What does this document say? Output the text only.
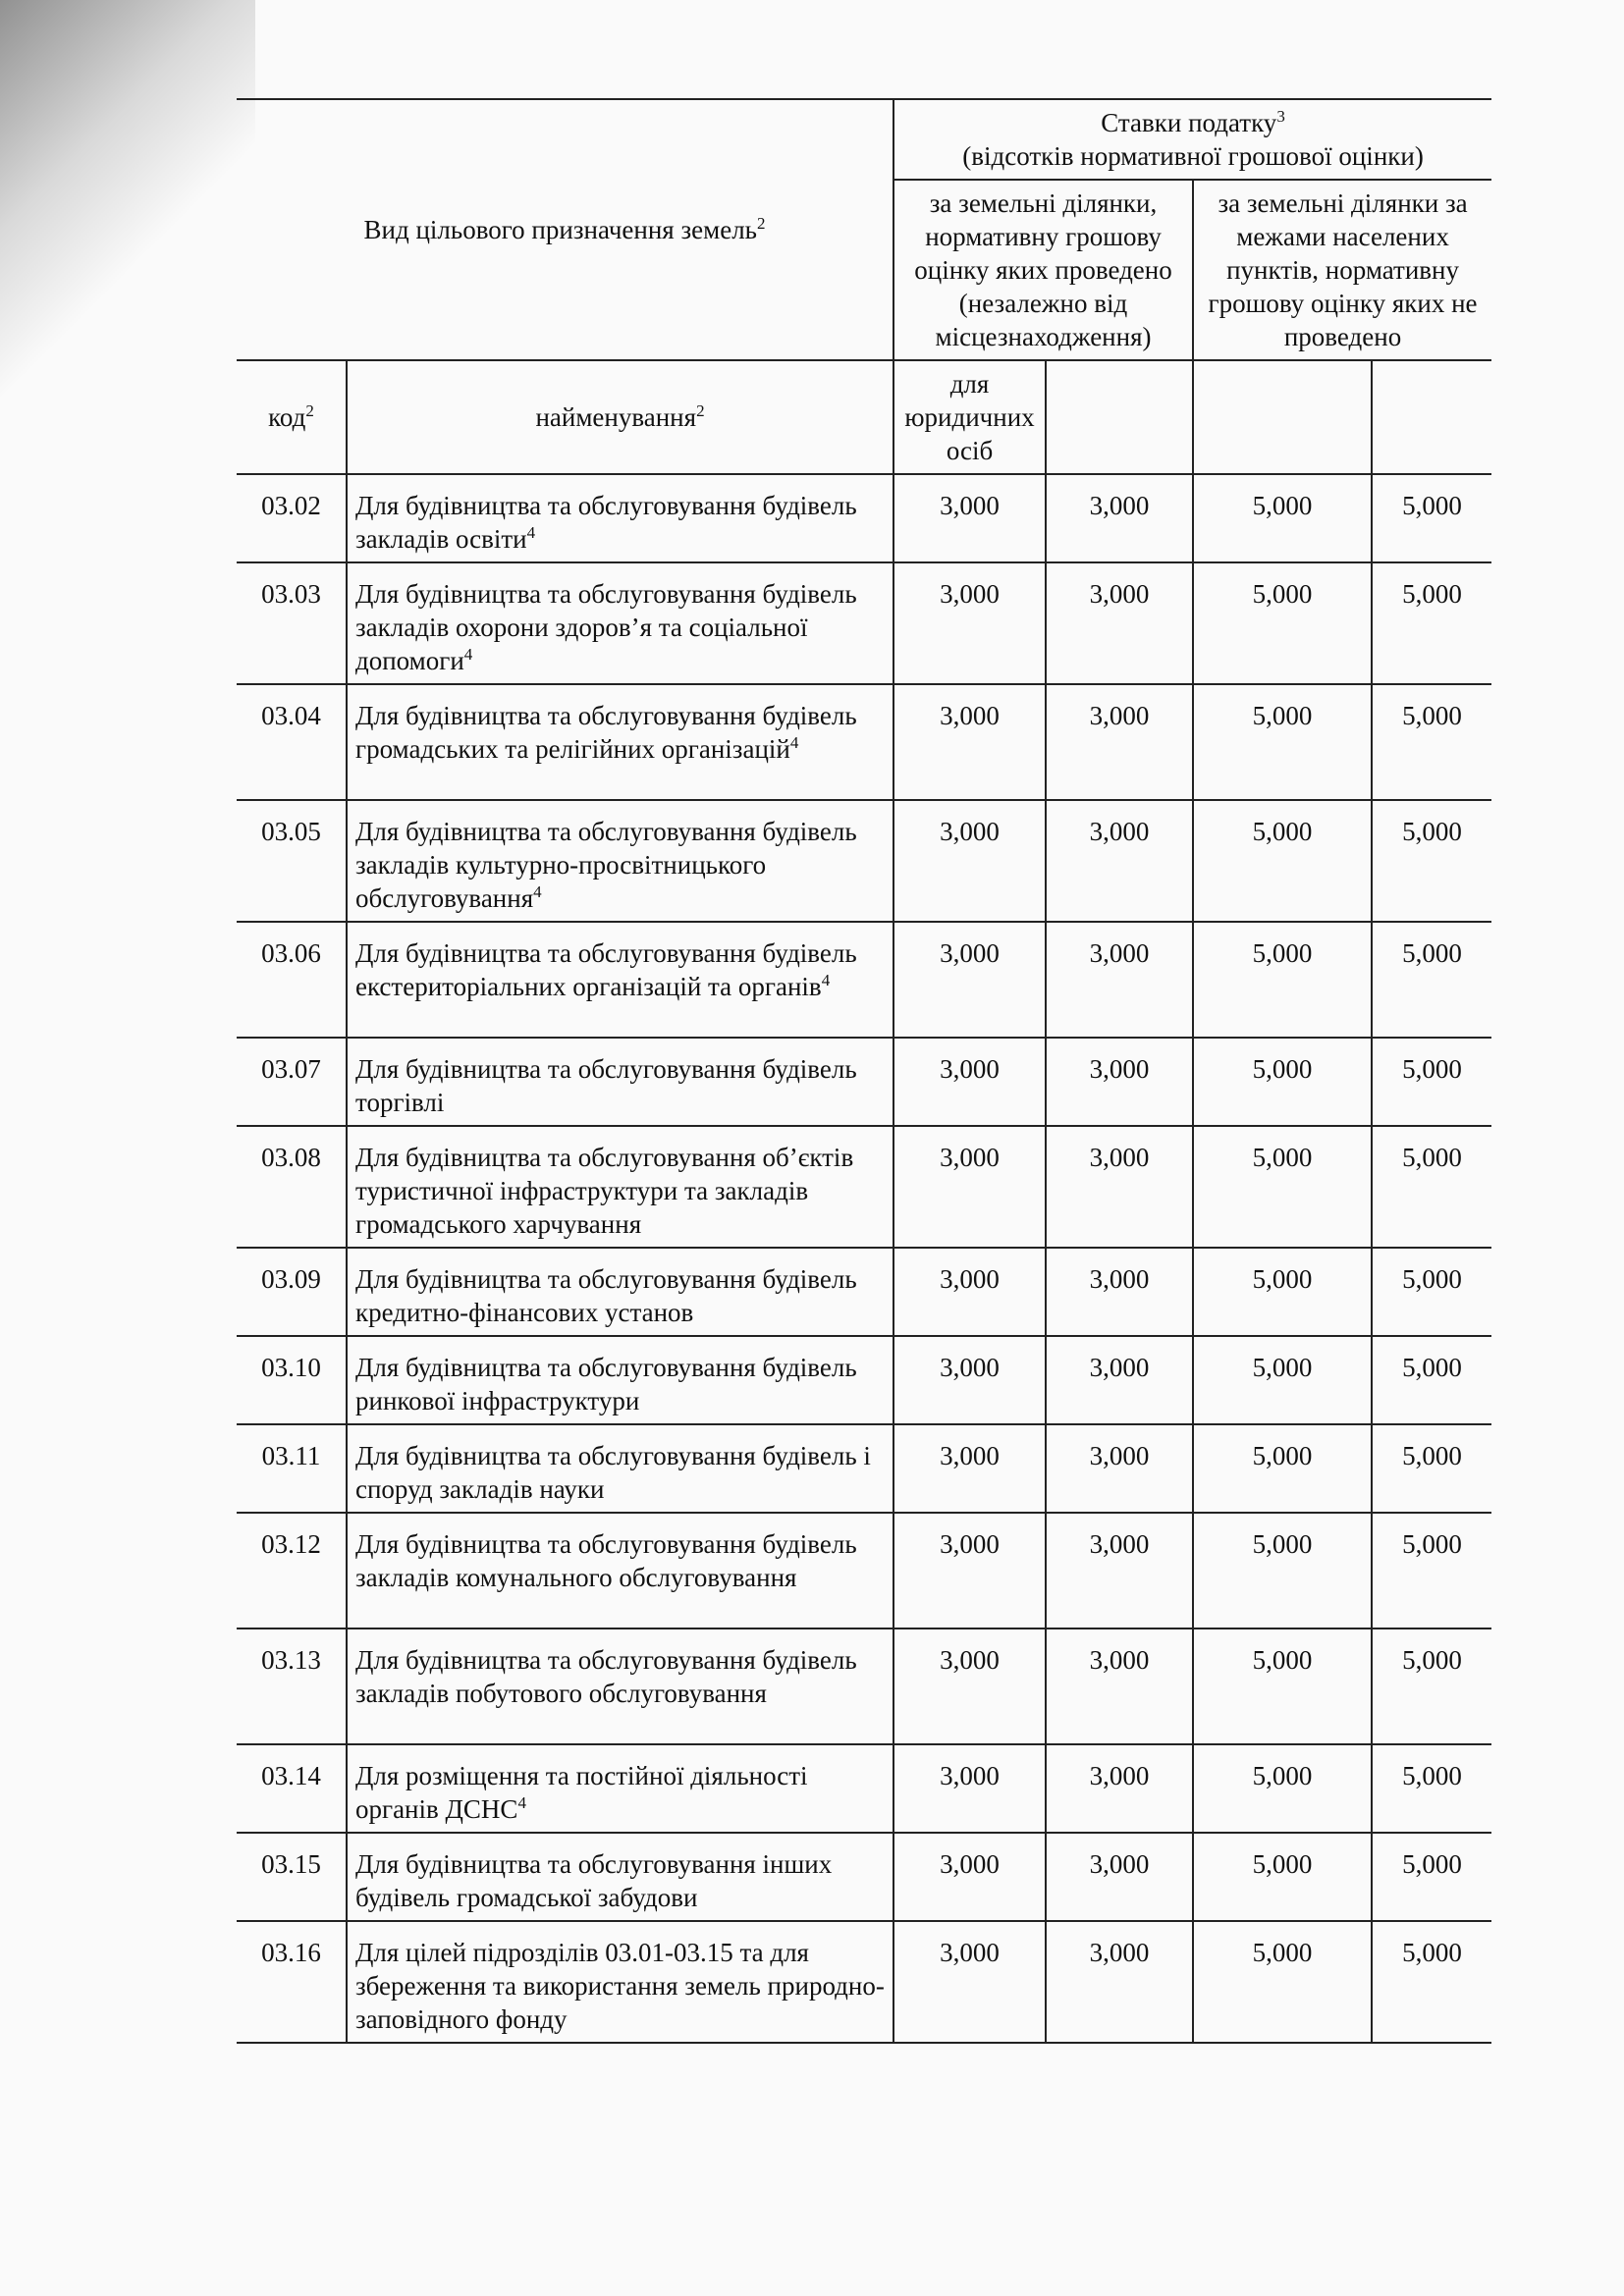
Вид цільового призначення земель$^2$		Ставки податку$^3$
(відсотків нормативної грошової оцінки)			
		за земельні ділянки, нормативну грошову оцінку яких проведено (незалежно від місцезнаходження)		за земельні ділянки за межами населених пунктів, нормативну грошову оцінку яких не проведено	
код$^2$	найменування$^2$	для юридичних осіб			
03.02	Для будівництва та обслуговування будівель закладів освіти$^4$	3,000	3,000	5,000	5,000
03.03	Для будівництва та обслуговування будівель закладів охорони здоров’я та соціальної допомоги$^4$	3,000	3,000	5,000	5,000
03.04	Для будівництва та обслуговування будівель громадських та релігійних організацій$^4$	3,000	3,000	5,000	5,000
03.05	Для будівництва та обслуговування будівель закладів культурно-просвітницького обслуговування$^4$	3,000	3,000	5,000	5,000
03.06	Для будівництва та обслуговування будівель екстериторіальних організацій та органів$^4$	3,000	3,000	5,000	5,000
03.07	Для будівництва та обслуговування будівель торгівлі	3,000	3,000	5,000	5,000
03.08	Для будівництва та обслуговування об’єктів туристичної інфраструктури та закладів громадського харчування	3,000	3,000	5,000	5,000
03.09	Для будівництва та обслуговування будівель кредитно-фінансових установ	3,000	3,000	5,000	5,000
03.10	Для будівництва та обслуговування будівель ринкової інфраструктури	3,000	3,000	5,000	5,000
03.11	Для будівництва та обслуговування будівель і споруд закладів науки	3,000	3,000	5,000	5,000
03.12	Для будівництва та обслуговування будівель закладів комунального обслуговування	3,000	3,000	5,000	5,000
03.13	Для будівництва та обслуговування будівель закладів побутового обслуговування	3,000	3,000	5,000	5,000
03.14	Для розміщення та постійної діяльності органів ДСНС$^4$	3,000	3,000	5,000	5,000
03.15	Для будівництва та обслуговування інших будівель громадської забудови	3,000	3,000	5,000	5,000
03.16	Для цілей підрозділів 03.01-03.15 та для збереження та використання земель природно-заповідного фонду	3,000	3,000	5,000	5,000
